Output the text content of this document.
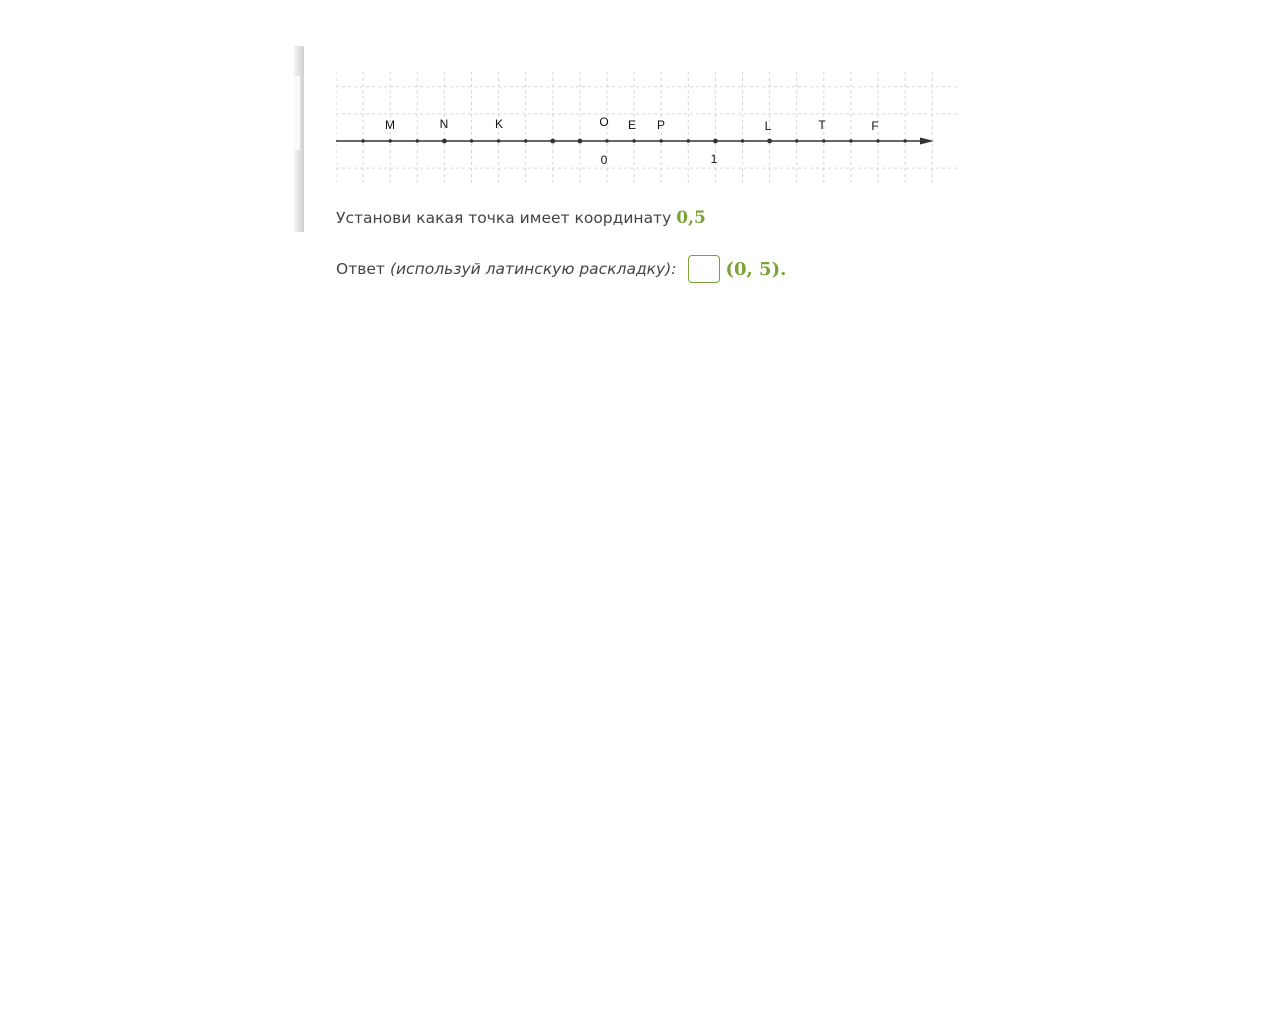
M	N	K	O E P	L	T	F
0	1
Установи какая точка имеет координату 0,5
Ответ (используй латинскую раскладку):	(0, 5).
